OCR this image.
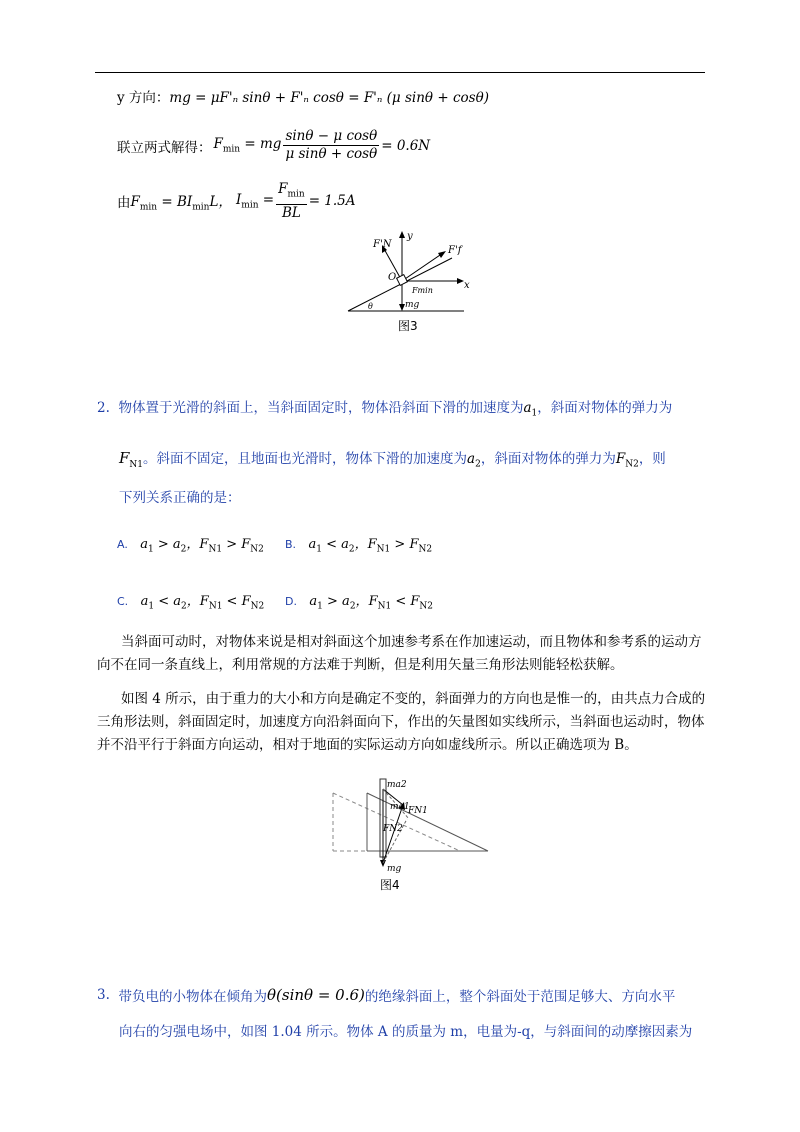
y 方向：mg = μF'ₙ sinθ + F'ₙ cosθ = F'ₙ (μ sinθ + cosθ)
联立两式解得： $F_{min}$ = mg $\frac{\text{sinθ − μ cosθ}}{\text{μ sinθ + cosθ}} = 0.6N$
由 $F_{min} = BI_{min}L$， $I_{min} = \frac{F_{min}}{BL} = 1.5A$
F'N
y
F'f
O
x
Fmin
mg
θ
图3
2. 物体置于光滑的斜面上，当斜面固定时，物体沿斜面下滑的加速度为$a_1$，斜面对物体的弹力为
$F_{N1}$。斜面不固定，且地面也光滑时，物体下滑的加速度为$a_2$，斜面对物体的弹力为$F_{N2}$，则
下列关系正确的是：
A. $a_1 > a_2$，$F_{N1} > F_{N2}$ B. $a_1 < a_2$，$F_{N1} > F_{N2}$
C. $a_1 < a_2$，$F_{N1} < F_{N2}$ D. $a_1 > a_2$，$F_{N1} < F_{N2}$
当斜面可动时，对物体来说是相对斜面这个加速参考系在作加速运动，而且物体和参考系的运动方向不在同一条直线上，利用常规的方法难于判断，但是利用矢量三角形法则能轻松获解。
如图 4 所示，由于重力的大小和方向是确定不变的，斜面弹力的方向也是惟一的，由共点力合成的三角形法则，斜面固定时，加速度方向沿斜面向下，作出的矢量图如实线所示，当斜面也运动时，物体并不沿平行于斜面方向运动，相对于地面的实际运动方向如虚线所示。所以正确选项为 B。
ma2
ma1
FN1
FN2
mg
图4
3.
带负电的小物体在倾角为 θ(sinθ = 0.6) 的绝缘斜面上，整个斜面处于范围足够大、方向水平
向右的匀强电场中，如图 1.04 所示。物体 A 的质量为 m，电量为-q，与斜面间的动摩擦因素为
